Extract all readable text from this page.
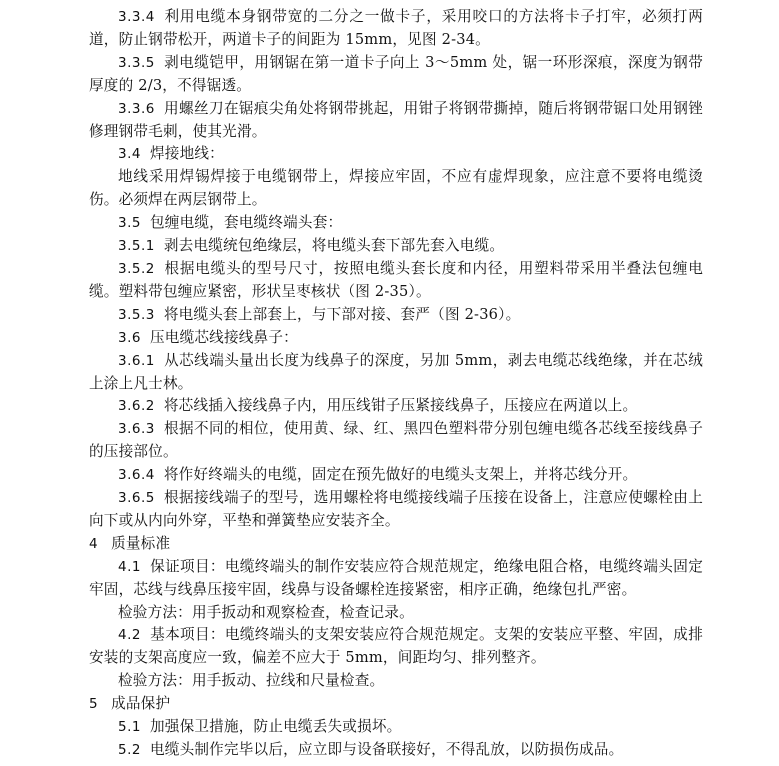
3.3.4 利用电缆本身钢带宽的二分之一做卡子，采用咬口的方法将卡子打牢，必须打两道，防止钢带松开，两道卡子的间距为 15mm，见图 2-34。

3.3.5 剥电缆铠甲，用钢锯在第一道卡子向上 3～5mm 处，锯一环形深痕，深度为钢带厚度的 2/3，不得锯透。

3.3.6 用螺丝刀在锯痕尖角处将钢带挑起，用钳子将钢带撕掉，随后将钢带锯口处用钢锉修理钢带毛刺，使其光滑。

3.4 焊接地线：

地线采用焊锡焊接于电缆钢带上，焊接应牢固，不应有虚焊现象，应注意不要将电缆烫伤。必须焊在两层钢带上。

3.5 包缠电缆，套电缆终端头套：

3.5.1 剥去电缆统包绝缘层，将电缆头套下部先套入电缆。

3.5.2 根据电缆头的型号尺寸，按照电缆头套长度和内径，用塑料带采用半叠法包缠电缆。塑料带包缠应紧密，形状呈枣核状（图 2-35）。

3.5.3 将电缆头套上部套上，与下部对接、套严（图 2-36）。

3.6 压电缆芯线接线鼻子：

3.6.1 从芯线端头量出长度为线鼻子的深度，另加 5mm，剥去电缆芯线绝缘，并在芯绒上涂上凡士林。

3.6.2 将芯线插入接线鼻子内，用压线钳子压紧接线鼻子，压接应在两道以上。

3.6.3 根据不同的相位，使用黄、绿、红、黑四色塑料带分别包缠电缆各芯线至接线鼻子的压接部位。

3.6.4 将作好终端头的电缆，固定在预先做好的电缆头支架上，并将芯线分开。

3.6.5 根据接线端子的型号，选用螺栓将电缆接线端子压接在设备上，注意应使螺栓由上向下或从内向外穿，平垫和弹簧垫应安装齐全。

4 质量标准

4.1 保证项目：电缆终端头的制作安装应符合规范规定，绝缘电阻合格，电缆终端头固定牢固，芯线与线鼻压接牢固，线鼻与设备螺栓连接紧密，相序正确，绝缘包扎严密。

检验方法：用手扳动和观察检查，检查记录。

4.2 基本项目：电缆终端头的支架安装应符合规范规定。支架的安装应平整、牢固，成排安装的支架高度应一致，偏差不应大于 5mm，间距均匀、排列整齐。

检验方法：用手扳动、拉线和尺量检查。

5 成品保护

5.1 加强保卫措施，防止电缆丢失或损坏。

5.2 电缆头制作完毕以后，应立即与设备联接好，不得乱放，以防损伤成品。
